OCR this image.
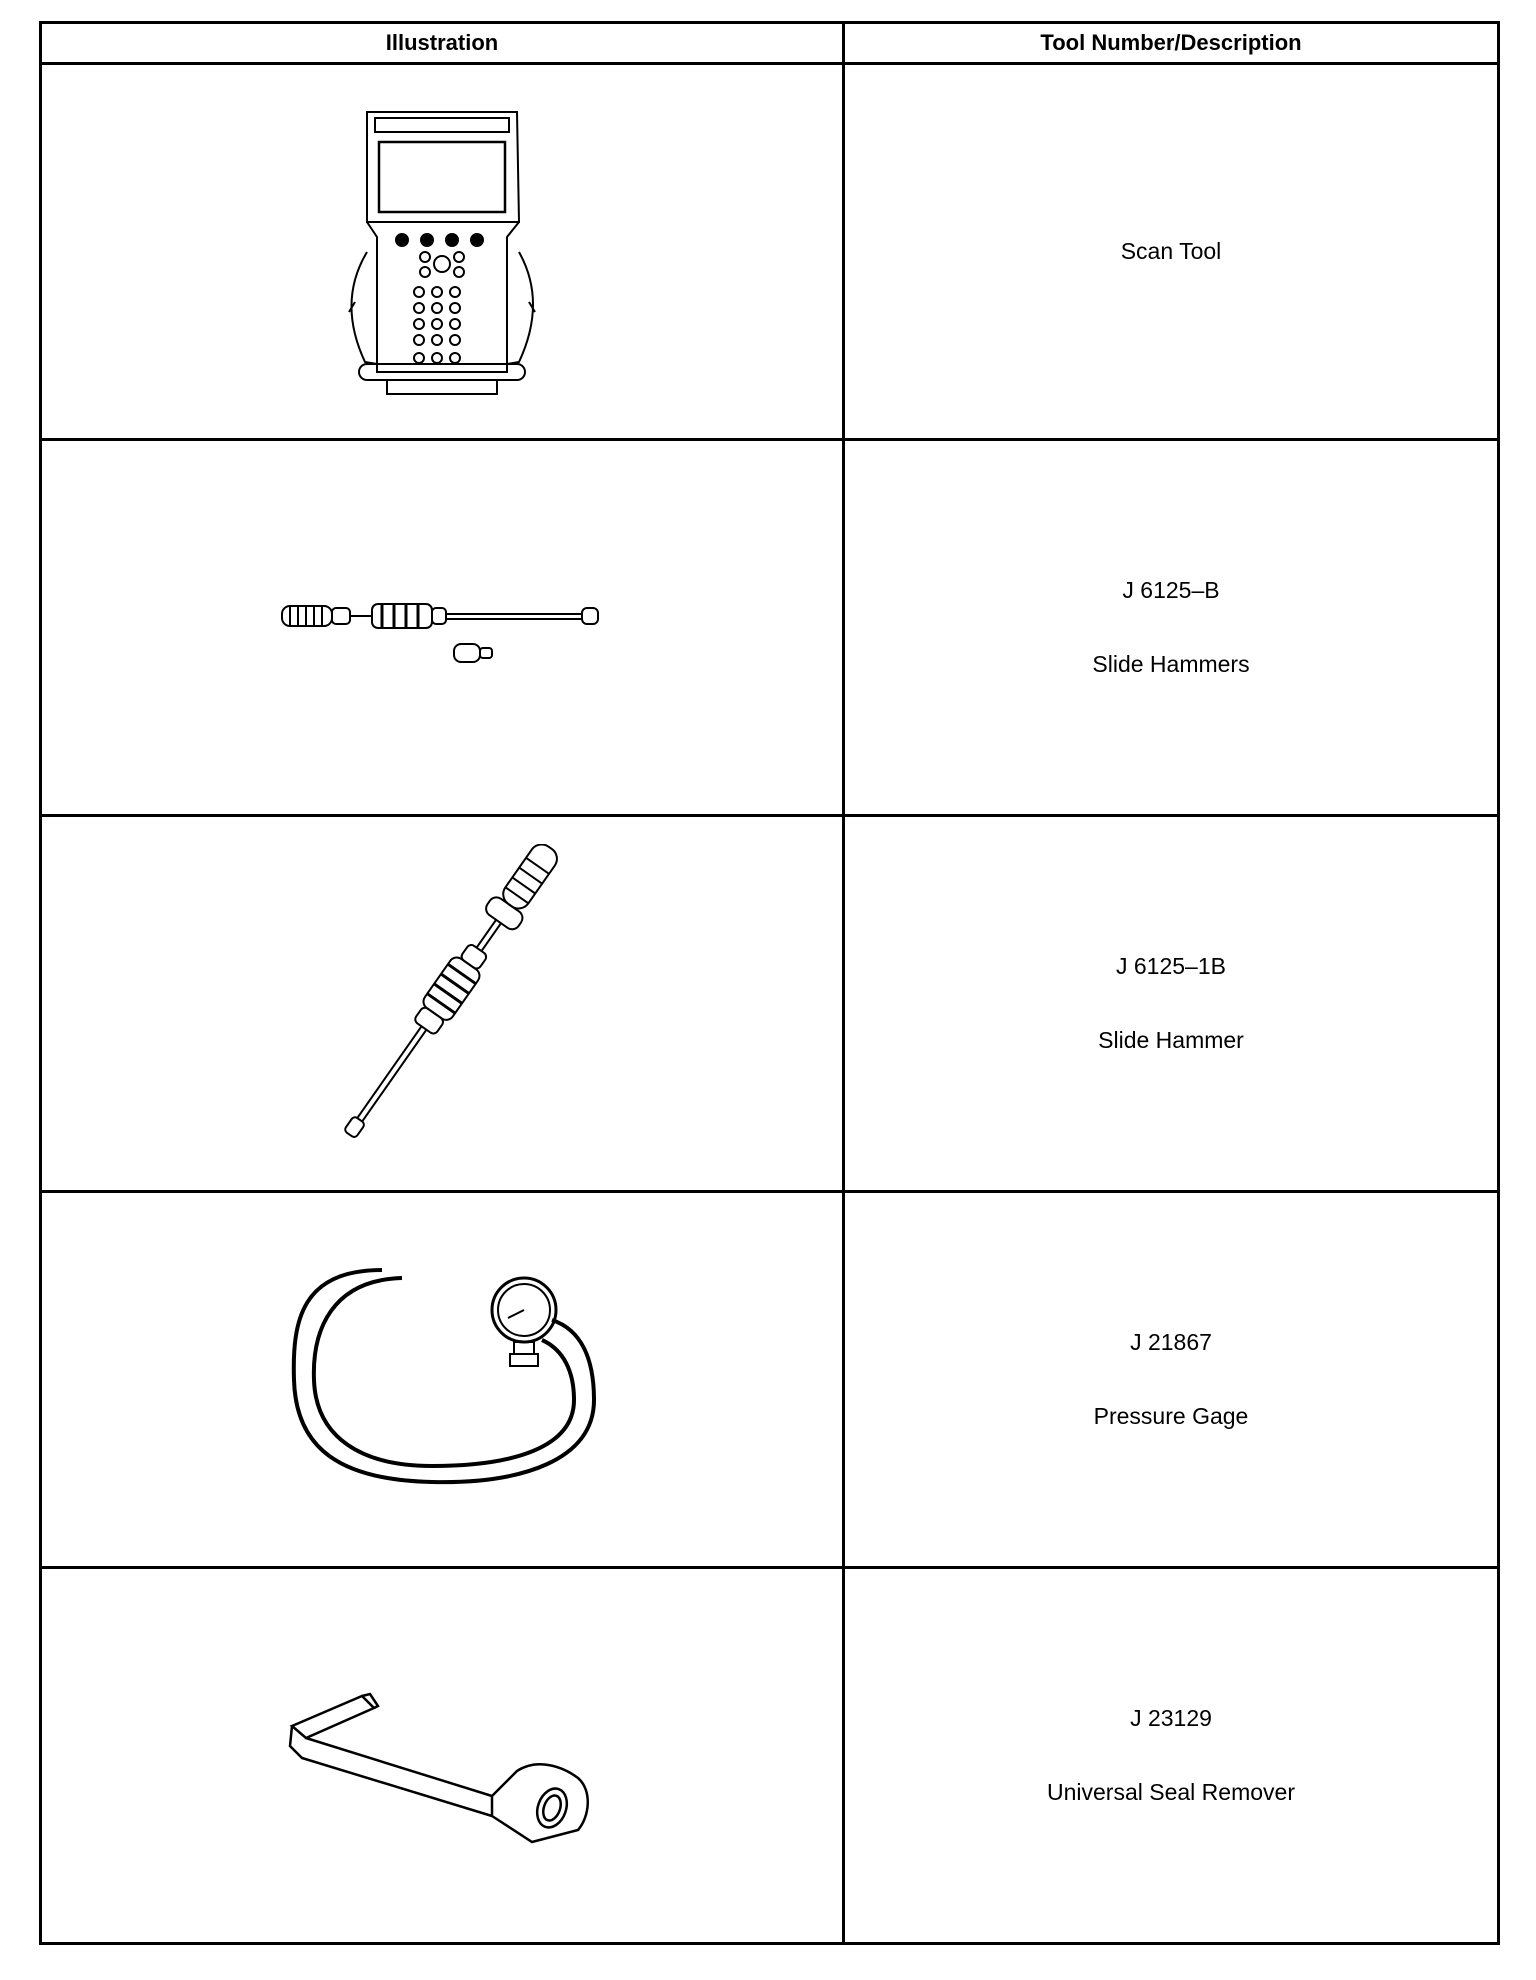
Illustration	Tool Number/Description

Scan Tool

J 6125–B
Slide Hammers

J 6125–1B
Slide Hammer

J 21867
Pressure Gage

J 23129
Universal Seal Remover
